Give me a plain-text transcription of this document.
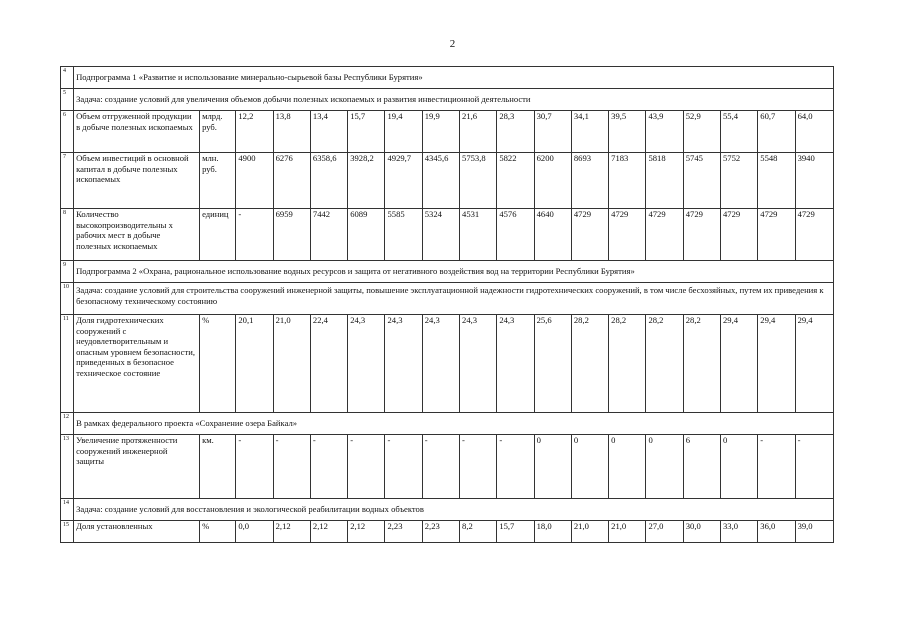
2
4	Подпрограмма 1 «Развитие и использование минерально-сырьевой базы Республики Бурятия»																	
5	Задача: создание условий для увеличения объемов добычи полезных ископаемых и развития инвестиционной деятельности																	
6	Объем отгруженной продукции в добыче полезных ископаемых	млрд. руб.	12,2	13,8	13,4	15,7	19,4	19,9	21,6	28,3	30,7	34,1	39,5	43,9	52,9	55,4	60,7	64,0
7	Объем инвестиций в основной капитал в добыче полезных ископаемых	млн. руб.	4900	6276	6358,6	3928,2	4929,7	4345,6	5753,8	5822	6200	8693	7183	5818	5745	5752	5548	3940
8	Количество высокопроизводительны х рабочих мест в добыче полезных ископаемых	единиц	-	6959	7442	6089	5585	5324	4531	4576	4640	4729	4729	4729	4729	4729	4729	4729
9	Подпрограмма 2 «Охрана, рациональное использование водных ресурсов и защита от негативного воздействия вод на территории Республики Бурятия»																	
10	Задача: создание условий для строительства сооружений инженерной защиты, повышение эксплуатационной надежности гидротехнических сооружений, в том числе бесхозяйных, путем их приведения к безопасному техническому состоянию																	
11	Доля гидротехнических сооружений с неудовлетворительным и опасным уровнем безопасности, приведенных в безопасное техническое состояние	%	20,1	21,0	22,4	24,3	24,3	24,3	24,3	24,3	25,6	28,2	28,2	28,2	28,2	29,4	29,4	29,4
12	В рамках федерального проекта «Сохранение озера Байкал»																	
13	Увеличение протяженности сооружений инженерной защиты	км.	-	-	-	-	-	-	-	-	0	0	0	0	6	0	-	-
14	Задача: создание условий для восстановления и экологической реабилитации водных объектов																	
15	Доля установленных	%	0,0	2,12	2,12	2,12	2,23	2,23	8,2	15,7	18,0	21,0	21,0	27,0	30,0	33,0	36,0	39,0
